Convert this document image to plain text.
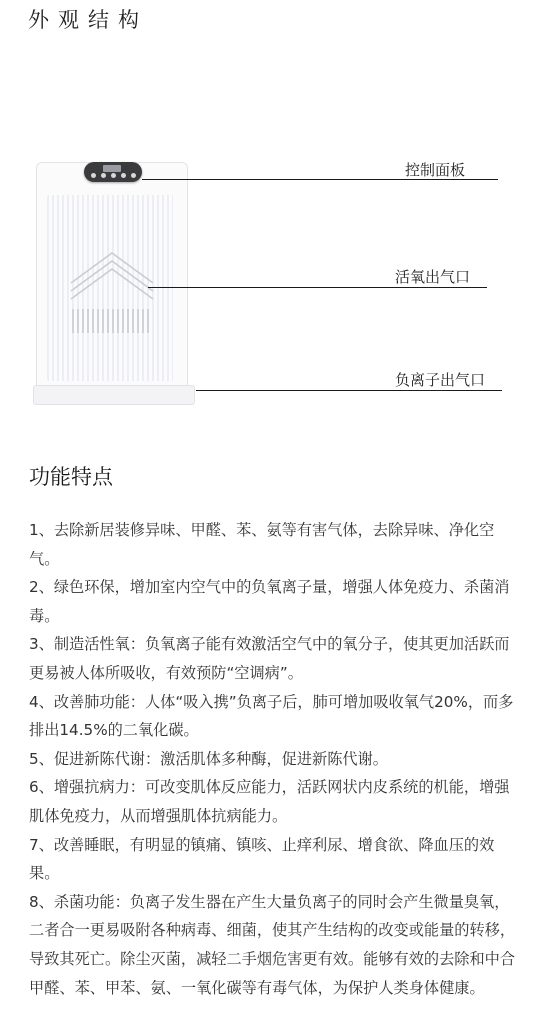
外观结构
控制面板
活氧出气口
负离子出气口
功能特点
1、去除新居装修异味、甲醛、苯、氨等有害气体，去除异味、净化空气。
2、绿色环保，增加室内空气中的负氧离子量，增强人体免疫力、杀菌消毒。
3、制造活性氧：负氧离子能有效激活空气中的氧分子，使其更加活跃而更易被人体所吸收，有效预防“空调病”。
4、改善肺功能：人体“吸入携”负离子后，肺可增加吸收氧气20%，而多排出14.5%的二氧化碳。
5、促进新陈代谢：激活肌体多种酶，促进新陈代谢。
6、增强抗病力：可改变肌体反应能力，活跃网状内皮系统的机能，增强肌体免疫力，从而增强肌体抗病能力。
7、改善睡眠，有明显的镇痛、镇咳、止痒利尿、增食欲、降血压的效果。
8、杀菌功能：负离子发生器在产生大量负离子的同时会产生微量臭氧，二者合一更易吸附各种病毒、细菌，使其产生结构的改变或能量的转移，导致其死亡。除尘灭菌，减轻二手烟危害更有效。能够有效的去除和中合甲醛、苯、甲苯、氨、一氧化碳等有毒气体，为保护人类身体健康。
